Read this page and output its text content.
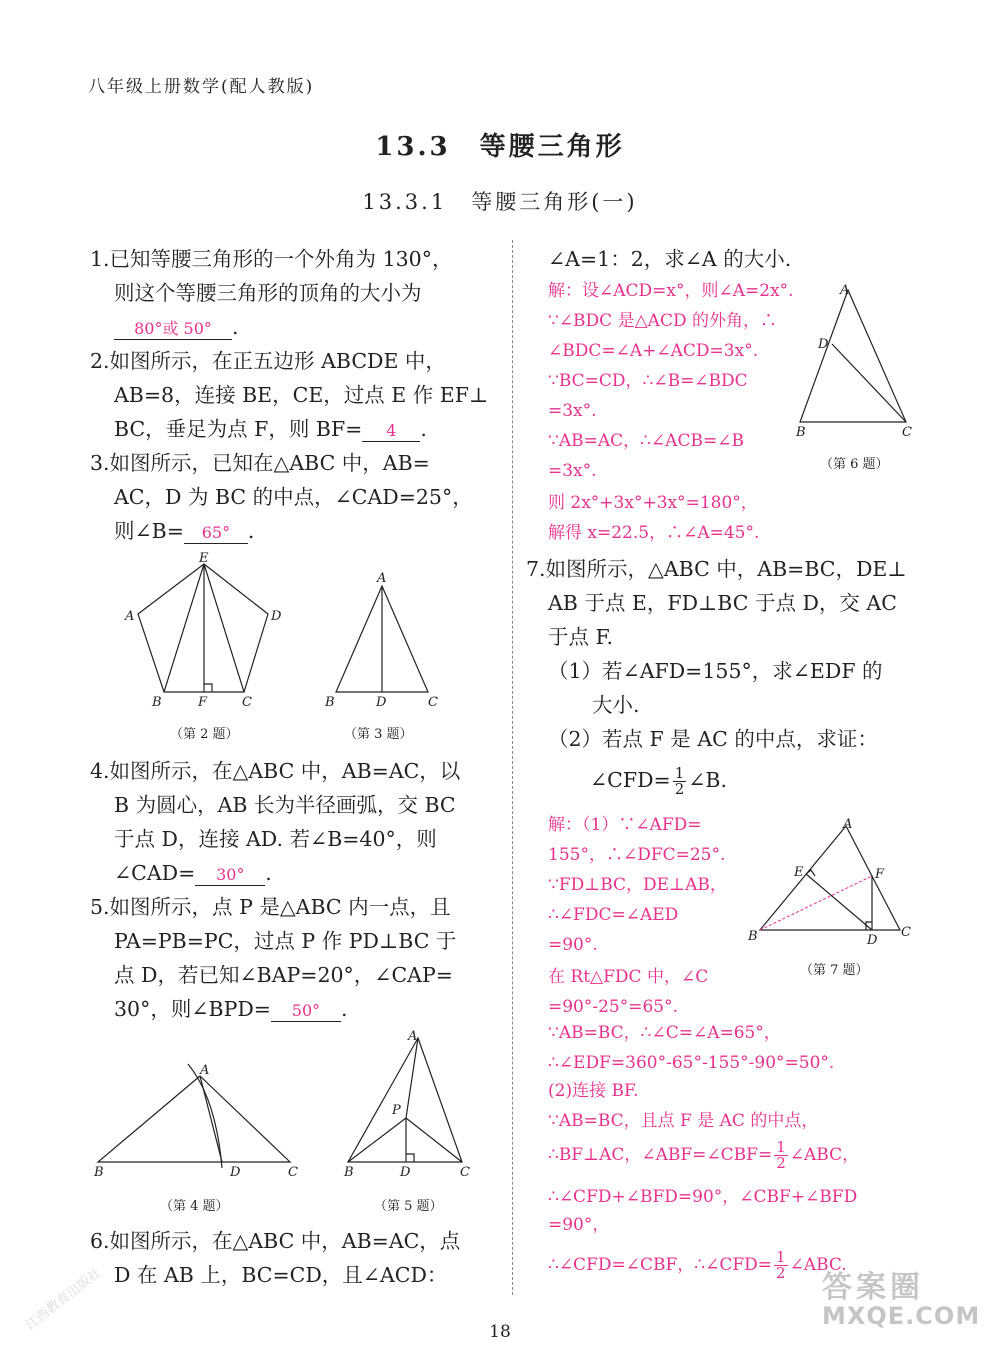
八年级上册数学(配人教版)
13.3　等腰三角形
13.3.1　等腰三角形(一)
1.已知等腰三角形的一个外角为 130°，
则这个等腰三角形的顶角的大小为
80°或 50° .
2.如图所示，在正五边形 ABCDE 中，
AB=8，连接 BE，CE，过点 E 作 EF⊥
BC，垂足为点 F，则 BF= 4 .
3.如图所示，已知在△ABC 中，AB=
AC，D 为 BC 的中点，∠CAD=25°，
则∠B= 65° .
E
A	D
B	F	C
（第 2 题）
A
B	D	C
（第 3 题）
4.如图所示，在△ABC 中，AB=AC，以
B 为圆心，AB 长为半径画弧，交 BC
于点 D，连接 AD. 若∠B=40°，则
∠CAD= 30° .
5.如图所示，点 P 是△ABC 内一点，且
PA=PB=PC，过点 P 作 PD⊥BC 于
点 D，若已知∠BAP=20°，∠CAP=
30°，则∠BPD= 50° .
A
B	D	C
（第 4 题）
A
P
B	D	C
（第 5 题）
6.如图所示，在△ABC 中，AB=AC，点
D 在 AB 上，BC=CD，且∠ACD：
∠A=1：2，求∠A 的大小.
解：设∠ACD=x°，则∠A=2x°.
∵∠BDC 是△ACD 的外角，∴
∠BDC=∠A+∠ACD=3x°.
∵BC=CD，∴∠B=∠BDC
=3x°.
∵AB=AC，∴∠ACB=∠B
=3x°.
则 2x°+3x°+3x°=180°，
解得 x=22.5，∴∠A=45°.
A
D
B	C
（第 6 题）
7.如图所示，△ABC 中，AB=BC，DE⊥
AB 于点 E，FD⊥BC 于点 D，交 AC
于点 F.
（1）若∠AFD=155°，求∠EDF 的
大小.
（2）若点 F 是 AC 的中点，求证：
∠CFD= $\frac{1}{2}$ ∠B.
解：（1）∵∠AFD=
155°，∴∠DFC=25°.
∵FD⊥BC，DE⊥AB，
∴∠FDC=∠AED
=90°.
在 Rt△FDC 中，∠C
=90°-25°=65°.
∵AB=BC，∴∠C=∠A=65°，
∴∠EDF=360°-65°-155°-90°=50°.
(2)连接 BF.
∵AB=BC，且点 F 是 AC 的中点，
∴BF⊥AC，∠ABF=∠CBF= $\frac{1}{2}$ ∠ABC，
∴∠CFD+∠BFD=90°，∠CBF+∠BFD
=90°，
∴∠CFD=∠CBF，∴∠CFD= $\frac{1}{2}$ ∠ABC.
A
E	F
B	D
C
（第 7 题）
18
江西教育出版社	答案圈
MXQE.COM
